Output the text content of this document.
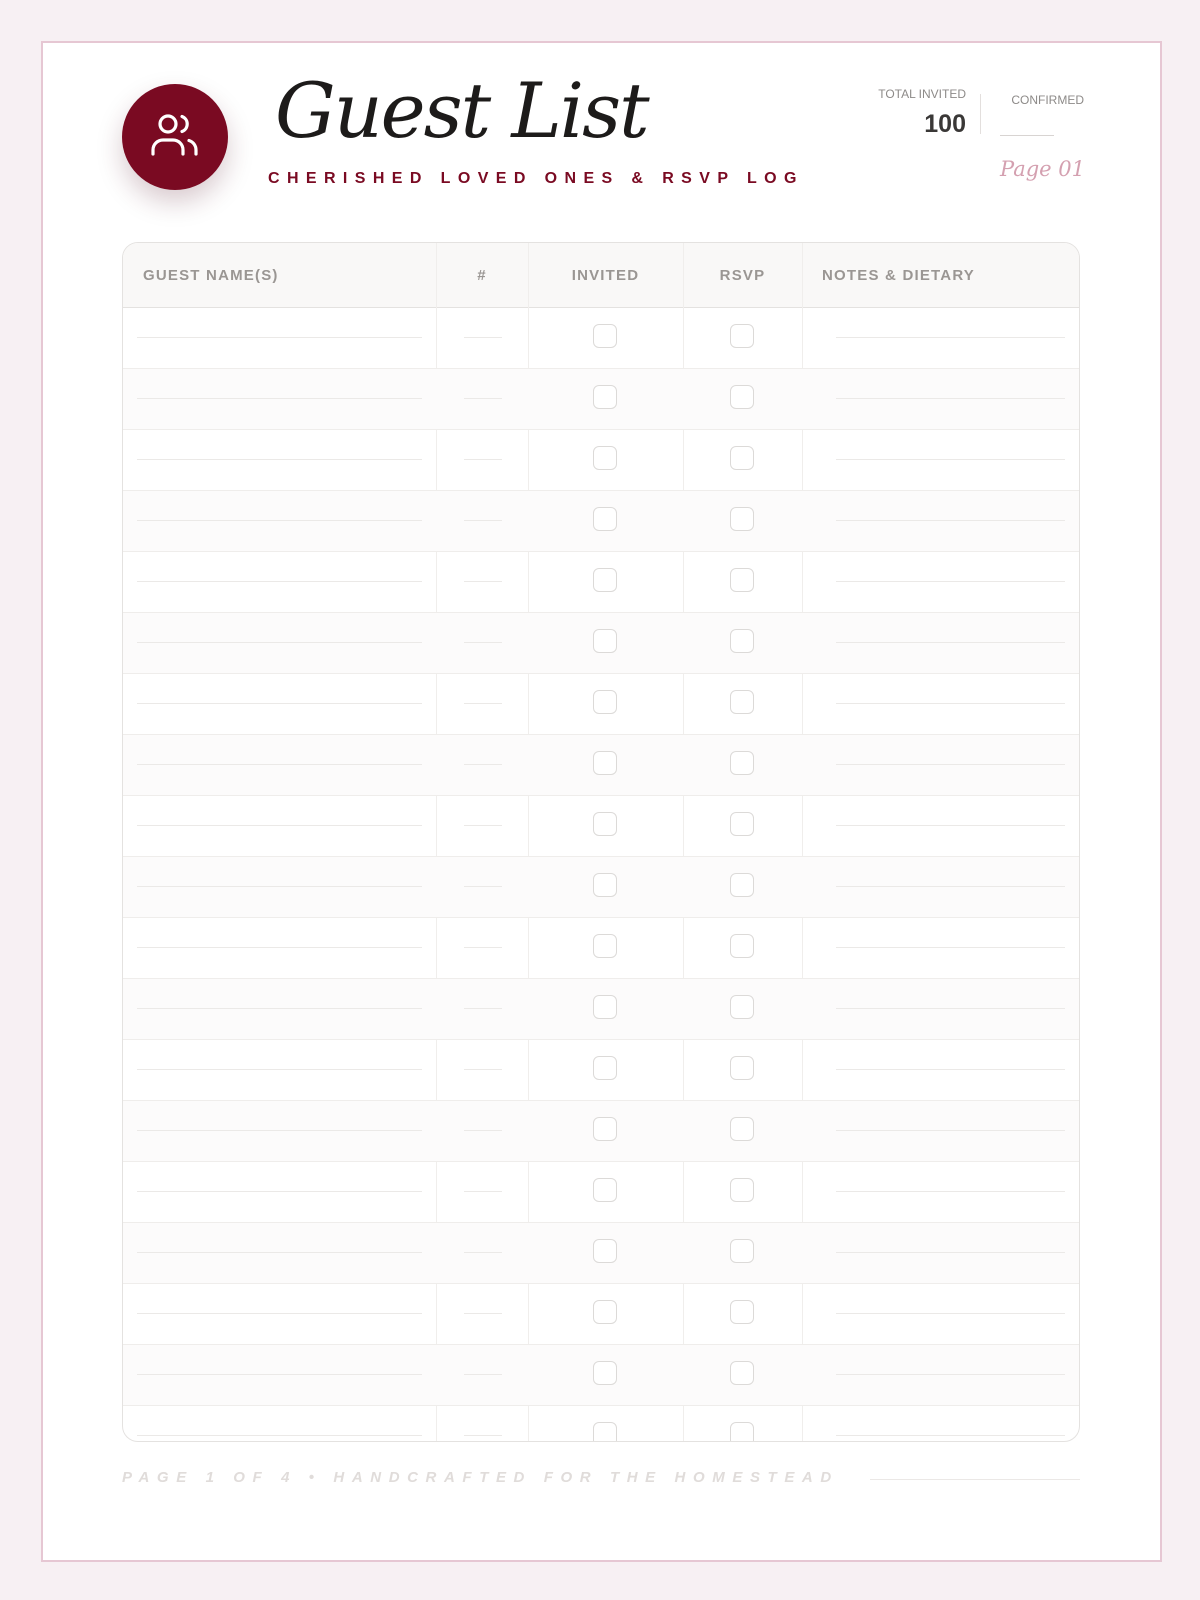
Guest List
CHERISHED LOVED ONES & RSVP LOG
TOTAL INVITED
100
CONFIRMED
Page 01
GUEST NAME(S)	#	INVITED	RSVP	NOTES & DIETARY
PAGE 1 OF 4 • HANDCRAFTED FOR THE HOMESTEAD
